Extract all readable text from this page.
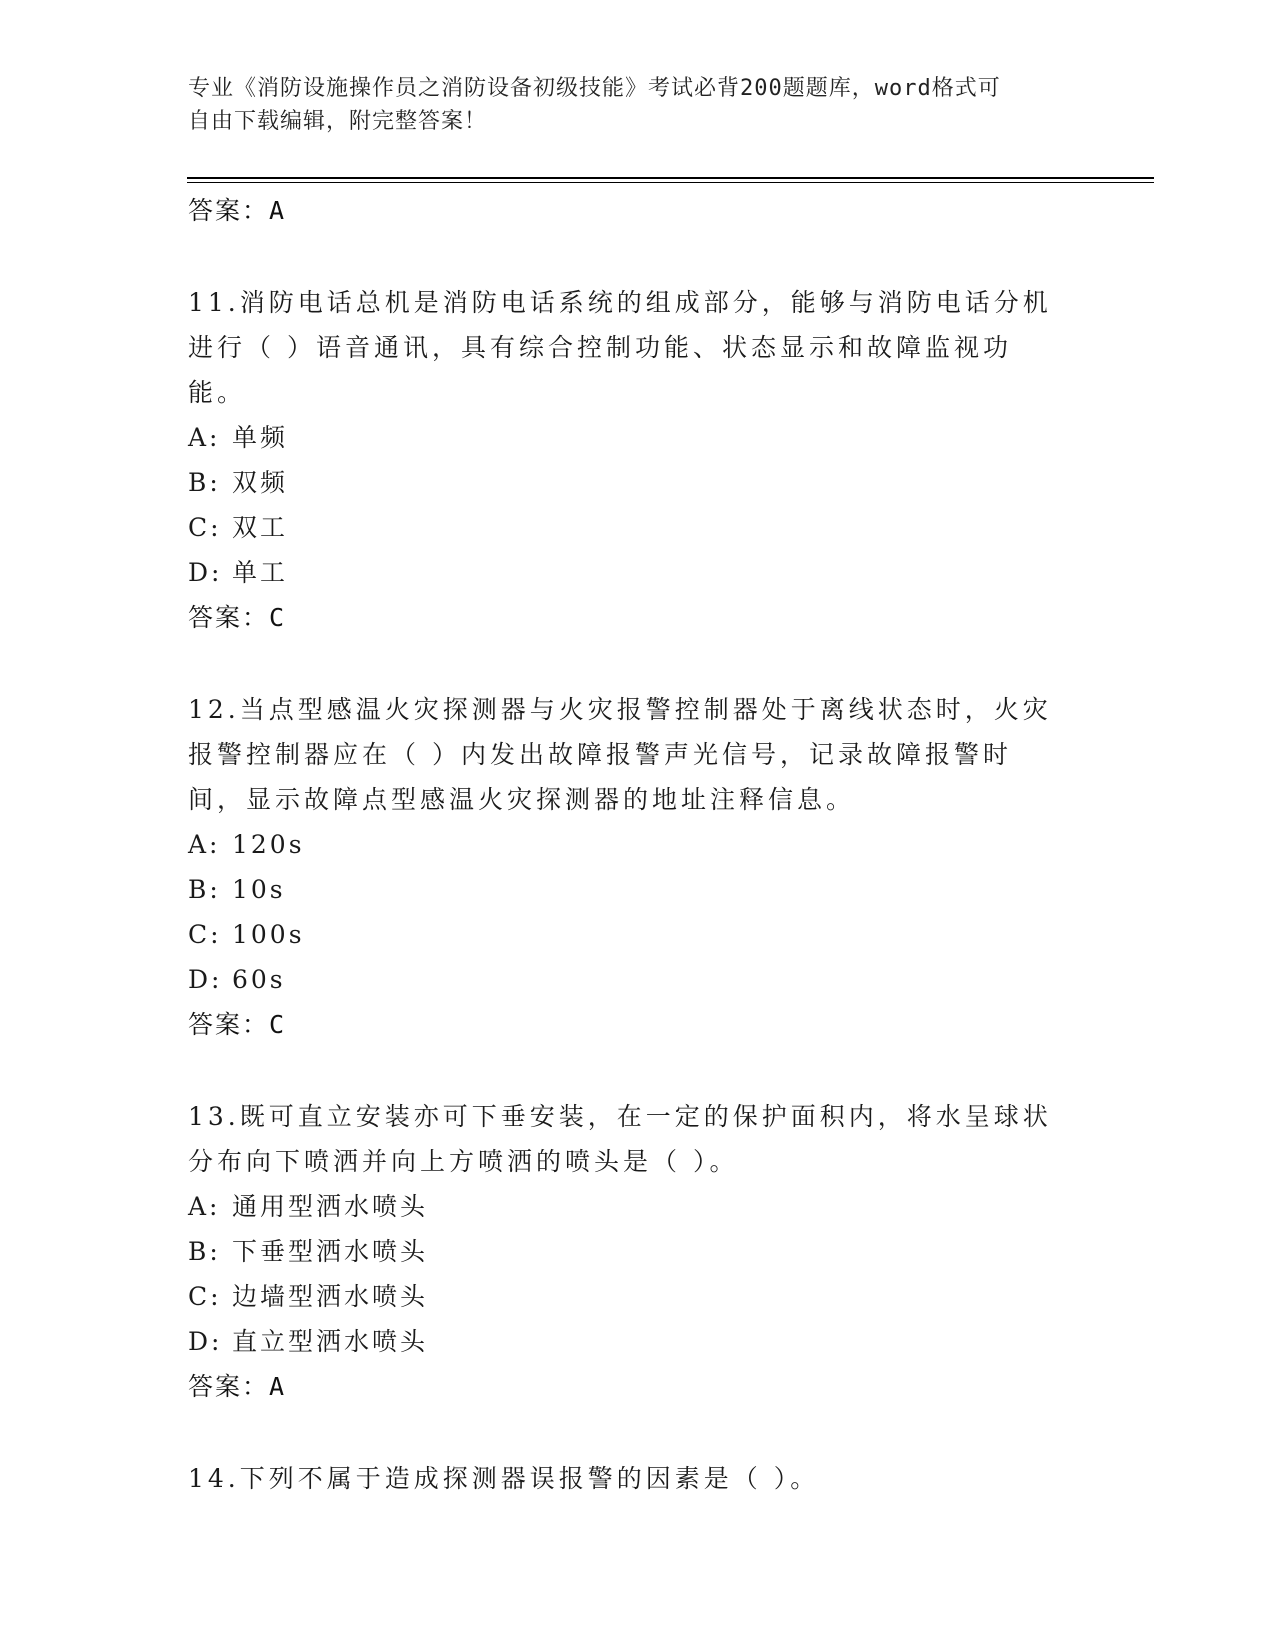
专业《消防设施操作员之消防设备初级技能》考试必背200题题库，word格式可
自由下载编辑，附完整答案！
答案：A
11.消防电话总机是消防电话系统的组成部分，能够与消防电话分机进行（ ）语音通讯，具有综合控制功能、状态显示和故障监视功能。
A: 单频
B: 双频
C: 双工
D: 单工
答案：C
12.当点型感温火灾探测器与火灾报警控制器处于离线状态时，火灾报警控制器应在（ ）内发出故障报警声光信号，记录故障报警时间，显示故障点型感温火灾探测器的地址注释信息。
A: 120s
B: 10s
C: 100s
D: 60s
答案：C
13.既可直立安装亦可下垂安装，在一定的保护面积内，将水呈球状分布向下喷洒并向上方喷洒的喷头是（ ）。
A: 通用型洒水喷头
B: 下垂型洒水喷头
C: 边墙型洒水喷头
D: 直立型洒水喷头
答案：A
14.下列不属于造成探测器误报警的因素是（ ）。
